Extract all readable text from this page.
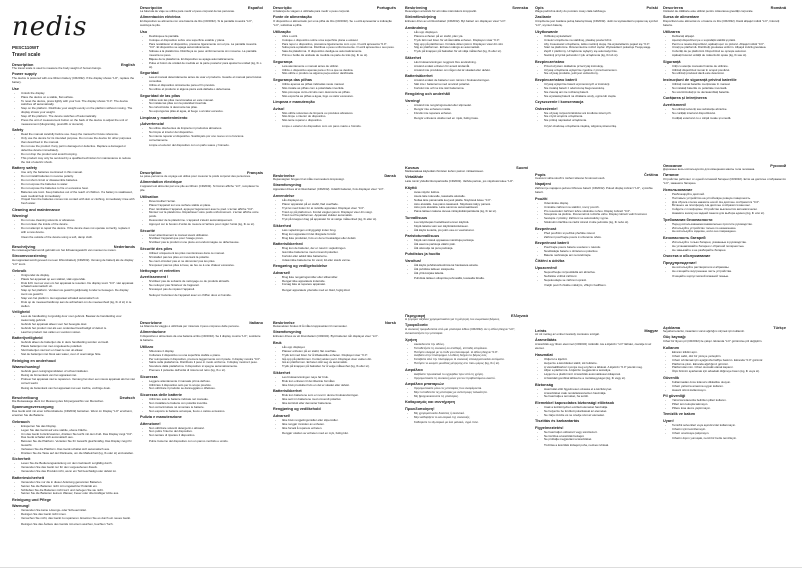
nedis
PESC110WT
Travel scale
Description	English

The travel scale is used to measure the body weight of human beings.

Power supply

The device is powered with one lithium battery (CR2032). If the display shows "LO", replace the battery.

Use
- Unlock the display.
- Place the device on a stable, flat surface.
- To reset the device, press lightly with your foot. The display shows "0.0". The device switches off automatically.
- Step on the platform. Distribute your weight evenly on the platform without moving. The display shows your weight.
- Step off the platform. The device switches off automatically.
- Press the unit of measurement button on the back of the device to adjust the unit of measurement (kilogram/kg, pound/lb or stone/st).
Safety
- Read the manual carefully before use. Keep the manual for future reference.
- Only use the device for its intended purpose. Do not use the device for other purposes than described in the manual.
- Do not use the product if any part is damaged or defective. Replace a damaged or defective device immediately.
- Do not drop the product and avoid bumping.
- This product may only be serviced by a qualified technician for maintenance to reduce the risk of electric shock.
Battery safety
- Use only the batteries mentioned in this manual.
- Do not install batteries in reverse polarity.
- Do not short circuit or disassemble batteries.
- Do not expose the batteries to water.
- Do not expose the batteries to fire or excessive heat.
- Batteries are toxic. Keep batteries out of the reach of children. If a battery is swallowed, seek medical help immediately.
- If liquid from the batteries comes into contact with skin or clothing, immediately rinse with fresh water.
Cleaning and maintenance
Warning!
- Do not use cleaning solvents or abrasives.
- Do not clean the inside of the device.
- Do not attempt to repair the device. If the device does not operate correctly, replace it with a new device.

Clean the outside of the device using a soft, damp cloth.

Beschrijving	Nederlands

De reisweegschaal wordt gebruikt om het lichaamsgewicht van mensen te meten.

Stroomvoorziening

Het apparaat wordt gevoed met een lithiumbatterij (CR2032). Vervang de batterij als de display "LO" toont.

Gebruik
- Ontgrendel de display.
- Plaats het apparaat op een stabiel, vlak oppervlak.
- Druk licht met uw voet om het apparaat te resetten. De display toont "0.0". Het apparaat schakelt automatisch uit.
- Stap op het platform. Verdeel uw gewicht gelijkmatig zonder te bewegen. De display toont uw gewicht.
- Stap van het platform. Het apparaat schakelt automatisch uit.
- Druk op de meeteenheidknop aan de achterkant om de meeteenheid (kg, lb of st) in te stellen.
Veiligheid
- Lees de handleiding zorgvuldig door voor gebruik. Bewaar de handleiding voor toekomstig gebruik.
- Gebruik het apparaat alleen voor het beoogde doel.
- Gebruik het product niet als een onderdeel beschadigd of defect is.
- Laat het product niet vallen en voorkom stoten.
Batterijveiligheid
- Gebruik alleen de batterijen die in deze handleiding worden vermeld.
- Plaats batterijen niet met omgekeerde polariteit.
- Sluit batterijen niet kort en haal ze niet uit elkaar.
- Stel de batterijen niet bloot aan water, vuur of overmatige hitte.
Reiniging en onderhoud
Waarschuwing!
- Gebruik geen reinigingsmiddelen of schuurmiddelen.
- Reinig de binnenkant van het apparaat niet.
- Probeer het apparaat niet te repareren. Vervang het door een nieuw apparaat als het niet correct werkt.

Reinig de buitenkant van het apparaat met een zachte, vochtige doek.

Beschreibung	Deutsch

Die Reisewaage dient zur Messung des Körpergewichts von Menschen.

Spannungsversorgung

Das Gerät wird mit einer Lithiumbatterie (CR2032) betrieben. Wenn im Display "LO" erscheint, ersetzen Sie die Batterie.

Gebrauch
- Entsperren Sie das Display.
- Legen Sie das Gerät auf eine stabile, ebene Fläche.
- Um das Gerät zurückzusetzen, drücken Sie leicht mit dem Fuß. Das Display zeigt "0.0". Das Gerät schaltet sich automatisch aus.
- Betreten Sie die Plattform. Verteilen Sie Ihr Gewicht gleichmäßig. Das Display zeigt Ihr Gewicht.
- Verlassen Sie die Plattform. Das Gerät schaltet sich automatisch aus.
- Drücken Sie die Taste auf der Rückseite, um die Maßeinheit (kg, lb oder st) einzustellen.
Sicherheit
- Lesen Sie die Bedienungsanleitung vor dem Gebrauch sorgfältig durch.
- Verwenden Sie das Gerät nur für den vorgesehenen Zweck.
- Verwenden Sie das Produkt nicht, wenn ein Teil beschädigt oder defekt ist.
Batteriesicherheit
- Verwenden Sie nur die in dieser Anleitung genannten Batterien.
- Setzen Sie die Batterien nicht mit umgekehrter Polarität ein.
- Schließen Sie die Batterien nicht kurz und zerlegen Sie sie nicht.
- Setzen Sie die Batterien keinem Wasser, Feuer oder übermäßiger Hitze aus.
Reinigung und Pflege
Warnung!
- Verwenden Sie keine Lösungs- oder Scheuermittel.
- Reinigen Sie das Gerät nicht innen.
- Versuchen Sie nicht, das Gerät zu reparieren. Ersetzen Sie es durch ein neues Gerät.

Reinigen Sie das Äußere des Geräts mit einem weichen, feuchten Tuch.

Descripción	Español

La báscula de viaje se utiliza para medir el peso corporal de las personas.

Alimentación eléctrica

El dispositivo se alimenta con una batería de litio (CR2032). Si la pantalla muestra "LO", sustituya la pila.

Uso
- Desbloquee la pantalla.
- Coloque el dispositivo sobre una superficie estable y plana.
- Para restablecer el dispositivo, presione ligeramente con el pie. La pantalla muestra "0.0". El dispositivo se apaga automáticamente.
- Súbase a la plataforma. Distribuya su peso uniformemente sin moverse. La pantalla muestra su peso.
- Bájese de la plataforma. El dispositivo se apaga automáticamente.
- Pulse el botón de unidad de medida en la parte posterior para ajustar la unidad (kg, lb o st).
Seguridad
- Lea el manual detenidamente antes de usar el producto. Guarde el manual para futuras consultas.
- Utilice el dispositivo únicamente para el fin previsto.
- No utilice el producto si alguna pieza está dañada o defectuosa.
Seguridad de las pilas
- Utilice solo las pilas mencionadas en este manual.
- No instale las pilas con la polaridad invertida.
- No cortocircuite ni desmonte las pilas.
- No exponga las pilas al agua, al fuego o al calor excesivo.
Limpieza y mantenimiento
¡Advertencia!
- No utilice disolventes de limpieza ni productos abrasivos.
- No limpie el interior del dispositivo.
- No intente reparar el dispositivo. Sustitúyalo por uno nuevo si no funciona correctamente.

Limpie el exterior del dispositivo con un paño suave y húmedo.

Description	Français

Le pèse-personne de voyage est utilisé pour mesurer le poids corporel des personnes.

Alimentation électrique

L'appareil est alimenté par une pile au lithium (CR2032). Si l'écran affiche "LO", remplacez la pile.

Utilisation
- Déverrouillez l'écran.
- Placez l'appareil sur une surface stable et plane.
- Pour réinitialiser l'appareil, appuyez légèrement avec le pied. L'écran affiche "0.0".
- Montez sur la plateforme. Répartissez votre poids uniformément. L'écran affiche votre poids.
- Descendez de la plateforme. L'appareil s'éteint automatiquement.
- Appuyez sur le bouton d'unité de mesure à l'arrière pour régler l'unité (kg, lb ou st).
Sécurité
- Lisez attentivement le manuel avant utilisation.
- N'utilisez l'appareil que pour l'usage prévu.
- N'utilisez pas le produit si une pièce est endommagée ou défectueuse.
Sécurité des piles
- Utilisez uniquement les piles mentionnées dans ce manuel.
- N'installez pas les piles en inversant la polarité.
- Ne court-circuitez pas et ne démontez pas les piles.
- N'exposez pas les piles à l'eau, au feu ou à une chaleur excessive.
Nettoyage et entretien
Avertissement !
- N'utilisez pas de solvants de nettoyage ou de produits abrasifs.
- Ne nettoyez pas l'intérieur de l'appareil.
- N'essayez pas de réparer l'appareil.

Nettoyez l'extérieur de l'appareil avec un chiffon doux et humide.

Descrizione	Italiano

La bilancia da viaggio è utilizzata per misurare il peso corporeo delle persone.

Alimentazione

Il dispositivo è alimentato da una batteria al litio (CR2032). Se il display mostra "LO", sostituire la batteria.

Utilizzo
- Sbloccare il display.
- Collocare il dispositivo su una superficie stabile e piana.
- Per reimpostare il dispositivo, premere leggermente con il piede. Il display mostra "0.0".
- Salire sulla piattaforma. Distribuire il peso in modo uniforme. Il display mostra il peso.
- Scendere dalla piattaforma. Il dispositivo si spegne automaticamente.
- Premere il pulsante dell'unità di misura sul retro (kg, lb o st).
Sicurezza
- Leggere attentamente il manuale prima dell'uso.
- Utilizzare il dispositivo solo per lo scopo previsto.
- Non utilizzare il prodotto se danneggiato o difettoso.
Sicurezza delle batterie
- Utilizzare solo le batterie indicate nel manuale.
- Non installare le batterie con polarità invertita.
- Non cortocircuitare né smontare le batterie.
- Non esporre le batterie ad acqua, fuoco o calore eccessivo.
Pulizia e manutenzione
Attenzione!
- Non utilizzare solventi detergenti o abrasivi.
- Non pulire l'interno del dispositivo.
- Non tentare di riparare il dispositivo.

Pulire l'esterno del dispositivo con un panno morbido e umido.

Descrição	Português

A balança de viagem é utilizada para medir o peso corporal.

Fonte de alimentação

O dispositivo é alimentado por uma pilha de lítio (CR2032). Se o ecrã apresentar a indicação "LO", substitua a pilha.

Utilização
- Abra o ecrã.
- Coloque o dispositivo sobre uma superfície plana e estável.
- Para repor o dispositivo, pressione ligeiramente com o pé. O ecrã apresenta "0.0".
- Suba para a plataforma. Distribua o peso uniformemente. O ecrã apresenta o seu peso.
- Saia da plataforma. O dispositivo desliga-se automaticamente.
- Prima o botão da unidade de medida na parte de trás (kg, lb ou st).
Segurança
- Leia atentamente o manual antes de utilizar.
- Utilize o dispositivo apenas para o fim a que se destina.
- Não utilize o produto se alguma peça estiver danificada.
Segurança das pilhas
- Utilize apenas as pilhas indicadas neste manual.
- Não instale as pilhas com a polaridade invertida.
- Não provoque curto-circuito nem desmonte as pilhas.
- Não exponha as pilhas a água, fogo ou calor excessivo.
Limpeza e manutenção
Aviso!
- Não utilize solventes de limpeza ou produtos abrasivos.
- Não limpe o interior do dispositivo.
- Não tente reparar o dispositivo.

Limpe o exterior do dispositivo com um pano macio e húmido.

Beskrivelse	Dansk

Rejsevægten bruges til at måle menneskers kropsvægt.

Strømforsyning

Apparatet drives af ét litiumbatteri (CR2032). Udskift batteriet, hvis displayet viser "LO".

Anvendelse
- Lås displayet op.
- Placer apparatet på en stabil, flad overflade.
- Tryk let med foden for at nulstille apparatet. Displayet viser "0.0".
- Træd op på platformen. Fordel vægten jævnt. Displayet viser din vægt.
- Træd ned fra platformen. Apparatet slukker automatisk.
- Tryk på knappen bag på apparatet for at vælge måleenhed (kg, lb eller st).
Sikkerhed
- Læs vejledningen omhyggeligt inden brug.
- Brug kun apparatet til det tilsigtede formål.
- Brug ikke produktet, hvis en del er beskadiget eller defekt.
Batterisikkerhed
- Brug kun de batterier, der er nævnt i vejledningen.
- Isæt ikke batterierne med omvendt polaritet.
- Kortslut eller adskil ikke batterierne.
- Udsæt ikke batterierne for vand, ild eller stærk varme.
Rengøring og vedligeholdelse
Advarsel!
- Brug ikke rengøringsmidler eller slibemidler.
- Rengør ikke apparatets inderside.
- Forsøg ikke at reparere apparatet.

Rengør apparatets yderside med en blød, fugtig klud.

Beskrivelse	Norsk

Reisevekten brukes til å måle kroppsvekten til mennesker.

Strømforsyning

Enheten drives av ett litiumbatteri (CR2032). Bytt batteriet når displayet viser "LO".

Bruk
- Lås opp displayet.
- Plasser enheten på en stabil, flat overflate.
- Trykk lett med foten for å tilbakestille enheten. Displayet viser "0.0".
- Gå opp på plattformen. Fordel vekten jevnt. Displayet viser vekten din.
- Gå av plattformen. Enheten slår seg av automatisk.
- Trykk på knappen på baksiden for å velge måleenhet (kg, lb eller st).
Sikkerhet
- Les bruksanvisningen nøye før bruk.
- Bruk kun enheten til det tiltenkte formålet.
- Ikke bruk produktet hvis en del er skadet eller defekt.
Batterisikkerhet
- Bruk kun batteriene som er nevnt i denne bruksanvisningen.
- Ikke sett inn batteriene med omvendt polaritet.
- Ikke kortslutt eller demonter batteriene.
Rengjøring og vedlikehold
Advarsel!
- Ikke bruk rengjøringsmidler eller slipemidler.
- Ikke rengjør innsiden av enheten.
- Ikke forsøk å reparere enheten.

Rengjør utsiden av enheten med en myk, fuktig klut.

Beskrivning	Svenska

Resevågen används för att mäta människors kroppsvikt.

Strömförsörjning

Enheten drivs av ett litiumbatteri (CR2032). Byt batteri om displayen visar "LO".

Användning
- Lås upp displayen.
- Placera enheten på en stabil, plan yta.
- Tryck lätt med foten för att återställa enheten. Displayen visar "0.0".
- Stig upp på plattformen. Fördela vikten jämnt. Displayen visar din vikt.
- Stig av plattformen. Enheten stängs av automatiskt.
- Tryck på knappen på baksidan för att välja måttenhet (kg, lb eller st).
Säkerhet
- Läs bruksanvisningen noggrant före användning.
- Använd endast enheten för avsett ändamål.
- Använd inte produkten om någon del är skadad eller defekt.
Batterisäkerhet
- Använd endast de batterier som nämns i bruksanvisningen.
- Sätt inte i batterierna med omvänd polaritet.
- Kortslut inte och ta inte isär batterierna.
Rengöring och underhåll
Varning!
- Använd inte rengöringsmedel eller slipmedel.
- Rengör inte enhetens insida.
- Försök inte reparera enheten.

Rengör enhetens utsida med en mjuk, fuktig trasa.

Kuvaus	Suomi

Matkavaakaa käytetään ihmisten kehon painon mittaamiseen.

Virtalähde

Laite toimii yhdellä litiumparistolla (CR2032). Vaihda paristo, jos näytössä lukee "LO".

Käyttö
- Avaa näytön lukitus.
- Aseta laite tukevalle, tasaiselle alustalle.
- Nollaa laite painamalla kevyesti jalalla. Näytössä lukee "0.0".
- Astu alustalle. Jaa paino tasaisesti. Näytössä näkyy painosi.
- Astu pois alustalta. Laite sammuu automaattisesti.
- Paina laitteen takana olevaa mittayksikköpainiketta (kg, lb tai st).
Turvallisuus
- Lue käyttöopas huolellisesti ennen käyttöä.
- Käytä laitetta vain sen käyttötarkoitukseen.
- Älä käytä tuotetta, jos jokin osa on vaurioitunut.
Paristoturvallisuus
- Käytä vain tässä oppaassa mainittuja paristoja.
- Älä asenna paristoja väärin päin.
- Älä oikosulje tai pura paristoja.
Puhdistus ja huolto
Varoitus!
- Älä käytä puhdistusliuottimia tai hankaavia aineita.
- Älä puhdista laitteen sisäpuolta.
- Älä yritä korjata laitetta.

Puhdista laitteen ulkopinta pehmeällä, kostealla liinalla.

Περιγραφή	Ελληνικά

Η ζυγαριά ταξιδιού χρησιμοποιείται για τη μέτρηση του σωματικού βάρους.

Τροφοδοσία

Η συσκευή τροφοδοτείται από μία μπαταρία λιθίου (CR2032). Αν η οθόνη δείχνει "LO", αντικαταστήστε την μπαταρία.

Χρήση
- Ξεκλειδώστε την οθόνη.
- Τοποθετήστε τη συσκευή σε σταθερή, επίπεδη επιφάνεια.
- Πατήστε ελαφρά με το πόδι για επαναφορά. Η οθόνη δείχνει "0.0".
- Ανεβείτε στην πλατφόρμα. Η οθόνη δείχνει το βάρος σας.
- Κατεβείτε από την πλατφόρμα. Η συσκευή απενεργοποιείται αυτόματα.
- Πατήστε το κουμπί μονάδας μέτρησης στο πίσω μέρος (kg, lb ή st).
Ασφάλεια
- Διαβάστε προσεκτικά το εγχειρίδιο πριν από τη χρήση.
- Χρησιμοποιείτε τη συσκευή μόνο για τον προβλεπόμενο σκοπό.
Ασφάλεια μπαταριών
- Χρησιμοποιείτε μόνο τις μπαταρίες που αναφέρονται.
- Μην τοποθετείτε τις μπαταρίες με αντίστροφη πολικότητα.
- Μη βραχυκυκλώνετε τις μπαταρίες.
Καθαρισμός και συντήρηση
Προειδοποίηση!
- Μη χρησιμοποιείτε διαλύτες ή λειαντικά.
- Μην καθαρίζετε το εσωτερικό της συσκευής.

Καθαρίστε το εξωτερικό με ένα μαλακό, υγρό πανί.

Opis	Polski

Waga podróżna służy do pomiaru masy ciała ludzkiego.

Zasilanie

Urządzenie jest zasilane jedną baterią litową (CR2032). Jeśli na wyświetlaczu pojawi się symbol "LO", wymień baterię.

Użytkowanie
- Odblokuj wyświetlacz.
- Umieść urządzenie na stabilnej, płaskiej powierzchni.
- Aby zresetować urządzenie, lekko naciśnij stopą. Na wyświetlaczu pojawi się "0.0".
- Stań na platformie. Równomiernie rozłóż ciężar. Wyświetlacz pokazuje Twoją wagę.
- Zejdź z platformy. Urządzenie wyłączy się automatycznie.
- Naciśnij przycisk jednostki z tyłu urządzenia (kg, lb lub st).
Bezpieczeństwo
- Przed użyciem dokładnie przeczytaj instrukcję.
- Używaj urządzenia wyłącznie zgodnie z przeznaczeniem.
- Nie używaj produktu, jeśli jest uszkodzony.
Bezpieczeństwo baterii
- Używaj wyłącznie baterii wymienionych w instrukcji.
- Nie instaluj baterii z odwróconą biegunowością.
- Nie zwieraj ani nie rozbieraj baterii.
- Nie wystawiaj baterii na działanie wody, ognia lub ciepła.
Czyszczenie i konserwacja
Ostrzeżenie!
- Nie używaj rozpuszczalników ani środków ściernych.
- Nie czyść wnętrza urządzenia.
- Nie próbuj naprawiać urządzenia.

Czyść obudowę urządzenia miękką, wilgotną ściereczką.

Popis	Čeština

Cestovní váha slouží k měření tělesné hmotnosti osob.

Napájení

Zařízení je napájeno jednou lithiovou baterií (CR2032). Pokud displej zobrazí "LO", vyměňte baterii.

Použití
- Odemkněte displej.
- Umístěte zařízení na stabilní, rovný povrch.
- Pro resetování zařízení lehce stiskněte nohou. Displej zobrazí "0.0".
- Stoupněte na plošinu. Rovnoměrně rozložte váhu. Displej zobrazí vaši hmotnost.
- Sestupte z plošiny. Zařízení se automaticky vypne.
- Stisknutím tlačítka na zadní straně zvolte jednotku (kg, lb nebo st).
Bezpečnost
- Před použitím si pečlivě přečtěte návod.
- Zařízení používejte pouze k určenému účelu.
Bezpečnost baterií
- Používejte pouze baterie uvedené v návodu.
- Nevkládejte baterie s obrácenou polaritou.
- Baterie nezkratujte ani nerozebírejte.
Čištění a údržba
Upozornění!
- Nepoužívejte rozpouštědla ani abraziva.
- Nečistěte vnitřek zařízení.
- Nepokoušejte se zařízení opravit.

Vnější povrch čistěte měkkým, vlhkým hadříkem.

Leírás	Magyar

Az úti mérleg az emberi testsúly mérésére szolgál.

Áramellátás

A készülék egy lítium elemmel (CR2032) működik. Ha a kijelzőn "LO" látható, cserélje ki az elemet.

Használat
- Oldja fel a kijelzőt.
- Helyezze a készüléket stabil, sík felületre.
- A visszaállításhoz nyomja meg enyhén a lábával. A kijelzőn "0.0" jelenik meg.
- Álljon a platformra. A kijelzőn megjelenik a testsúlya.
- Lépjen le a platformról. A készülék automatikusan kikapcsol.
- A hátoldali gombbal állítsa be a mértékegységet (kg, lb vagy st).
Biztonság
- Használat előtt figyelmesen olvassa el a kézikönyvet.
- A készüléket csak rendeltetésszerűen használja.
- Ne használja a terméket, ha sérült.
Elemekkel kapcsolatos biztonsági előírások
- Csak a kézikönyvben említett elemeket használja.
- Ne helyezze be fordított polaritással az elemeket.
- Ne zárja rövidre és ne szedje szét az elemeket.
Tisztítás és karbantartás
Figyelmeztetés!
- Ne használjon oldószert vagy súrolószert.
- Ne tisztítsa a készülék belsejét.
- Ne próbálja megjavítani a készüléket.

Tisztítsa a készülék külsejét puha, nedves ruhával.

Descrierea	Română

Cântarul de călătorie este utilizat pentru măsurarea greutății corporale.

Sursa de alimentare

Dispozitivul este alimentat cu o baterie cu litiu (CR2032). Dacă afișajul indică "LO", înlocuiți bateria.

Utilizarea
- Deblocați afișajul.
- Așezați dispozitivul pe o suprafață stabilă și plată.
- Pentru a reseta dispozitivul, apăsați ușor cu piciorul. Afișajul indică "0.0".
- Urcați pe platformă. Distribuiți greutatea uniform. Afișajul indică greutatea.
- Coborâți de pe platformă. Dispozitivul se oprește automat.
- Apăsați butonul unității de măsură din spate (kg, lb sau st).
Siguranță
- Citiți cu atenție manualul înainte de utilizare.
- Utilizați dispozitivul numai în scopul prevăzut.
- Nu utilizați produsul dacă este deteriorat.
Instrucțiuni de siguranță privind bateriile
- Utilizați numai bateriile menționate în manual.
- Nu instalați bateriile cu polaritate inversată.
- Nu scurtcircuitați și nu dezasamblați bateriile.
Curățarea și întreținerea
Avertisment!
- Nu utilizați solvenți sau substanțe abrazive.
- Nu curățați interiorul dispozitivului.

Curățați exteriorul cu o cârpă moale și umedă.

Описание	Русский

Дорожные весы используются для измерения массы тела человека.

Питание

Устройство работает от одной литиевой батареи (CR2032). Если на дисплее отображается "LO", замените батарею.

Использование
- Разблокируйте дисплей.
- Поставьте устройство на устойчивую ровную поверхность.
- Для сброса слегка нажмите ногой. На дисплее отобразится "0.0".
- Встаньте на платформу. На дисплее отобразится ваш вес.
- Сойдите с платформы. Устройство выключится автоматически.
- Нажмите кнопку на задней панели для выбора единиц (kg, lb или st).
Требования безопасности
- Перед использованием внимательно прочтите руководство.
- Используйте устройство только по назначению.
- Не используйте изделие, если оно повреждено.
Безопасность батарей
- Используйте только батареи, указанные в руководстве.
- Не устанавливайте батареи с обратной полярностью.
- Не замыкайте и не разбирайте батареи.
Очистка и обслуживание
Предупреждение!
- Не используйте растворители и абразивы.
- Не очищайте внутреннюю часть устройства.

Очищайте корпус мягкой влажной тканью.

Açıklama	Türkçe

Seyahat terazisi, insanların vücut ağırlığını ölçmek için kullanılır.

Güç kaynağı

Cihaz bir lityum pil (CR2032) ile çalışır. Ekranda "LO" görünürse pili değiştirin.

Kullanım
- Ekranın kilidini açın.
- Cihazı sabit, düz bir yüzeye yerleştirin.
- Cihazı sıfırlamak için ayağınızla hafifçe bastırın. Ekranda "0.0" görünür.
- Platforma çıkın. Ekranda ağırlığınız görünür.
- Platformdan inin. Cihaz otomatik olarak kapanır.
- Ölçü birimini ayarlamak için arkadaki düğmeye basın (kg, lb veya st).
Güvenlik
- Kullanmadan önce kılavuzu dikkatlice okuyun.
- Cihazı yalnızca amacına uygun kullanın.
- Hasarlı ürünü kullanmayın.
Pil güvenliği
- Yalnızca kılavuzda belirtilen pilleri kullanın.
- Pilleri ters kutupla takmayın.
- Pillere kısa devre yaptırmayın.
Temizlik ve bakım
Uyarı!
- Temizlik solventleri veya aşındırıcılar kullanmayın.
- Cihazın içini temizlemeyin.
- Cihazı onarmaya çalışmayın.

Cihazın dışını yumuşak, nemli bir bezle temizleyin.
